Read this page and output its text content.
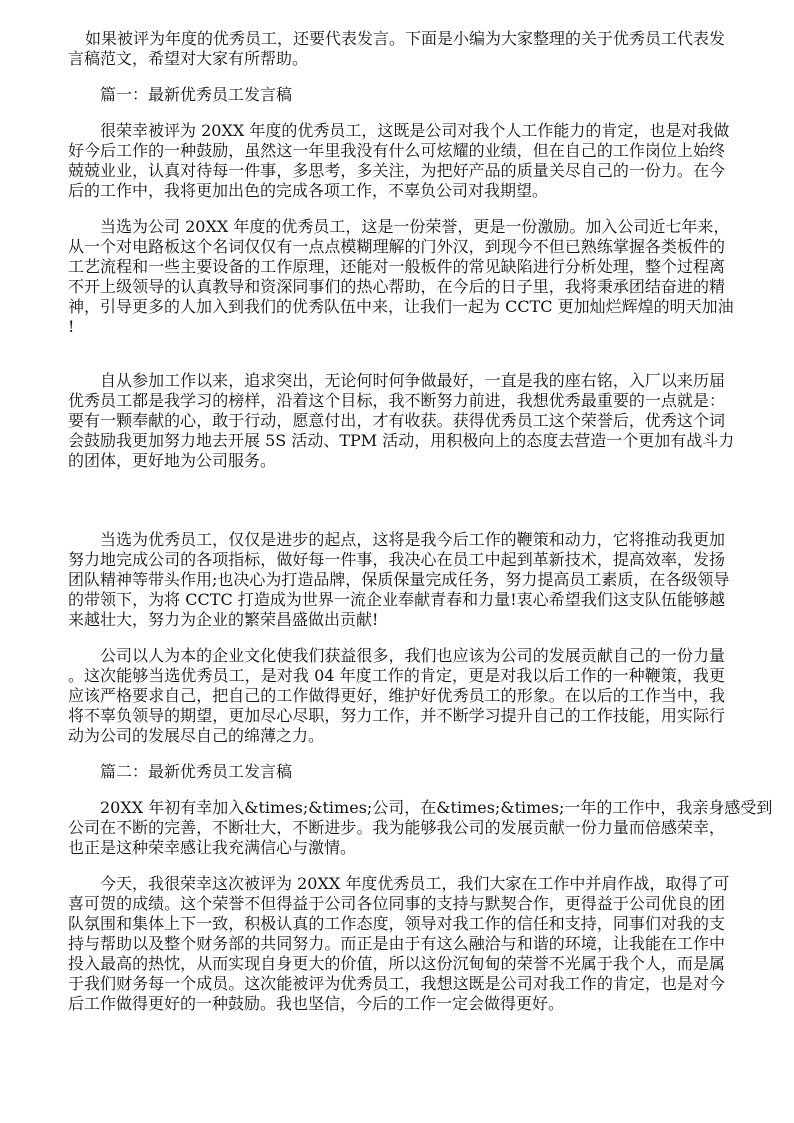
如果被评为年度的优秀员工，还要代表发言。下面是小编为大家整理的关于优秀员工代表发
言稿范文，希望对大家有所帮助。
篇一：最新优秀员工发言稿
很荣幸被评为 20XX 年度的优秀员工，这既是公司对我个人工作能力的肯定，也是对我做
好今后工作的一种鼓励，虽然这一年里我没有什么可炫耀的业绩，但在自己的工作岗位上始终
兢兢业业，认真对待每一件事，多思考，多关注，为把好产品的质量关尽自己的一份力。在今
后的工作中，我将更加出色的完成各项工作，不辜负公司对我期望。
当选为公司 20XX 年度的优秀员工，这是一份荣誉，更是一份激励。加入公司近七年来，
从一个对电路板这个名词仅仅有一点点模糊理解的门外汉，到现今不但已熟练掌握各类板件的
工艺流程和一些主要设备的工作原理，还能对一般板件的常见缺陷进行分析处理，整个过程离
不开上级领导的认真教导和资深同事们的热心帮助，在今后的日子里，我将秉承团结奋进的精
神，引导更多的人加入到我们的优秀队伍中来，让我们一起为 CCTC 更加灿烂辉煌的明天加油
!
自从参加工作以来，追求突出，无论何时何争做最好，一直是我的座右铭，入厂以来历届
优秀员工都是我学习的榜样，沿着这个目标，我不断努力前进，我想优秀最重要的一点就是：
要有一颗奉献的心，敢于行动，愿意付出，才有收获。获得优秀员工这个荣誉后，优秀这个词
会鼓励我更加努力地去开展 5S 活动、TPM 活动，用积极向上的态度去营造一个更加有战斗力
的团体，更好地为公司服务。
当选为优秀员工，仅仅是进步的起点，这将是我今后工作的鞭策和动力，它将推动我更加
努力地完成公司的各项指标，做好每一件事，我决心在员工中起到革新技术，提高效率，发扬
团队精神等带头作用;也决心为打造品牌，保质保量完成任务，努力提高员工素质，在各级领导
的带领下，为将 CCTC 打造成为世界一流企业奉献青春和力量!衷心希望我们这支队伍能够越
来越壮大，努力为企业的繁荣昌盛做出贡献!
公司以人为本的企业文化使我们获益很多，我们也应该为公司的发展贡献自己的一份力量
。这次能够当选优秀员工，是对我 04 年度工作的肯定，更是对我以后工作的一种鞭策，我更
应该严格要求自己，把自己的工作做得更好，维护好优秀员工的形象。在以后的工作当中，我
将不辜负领导的期望，更加尽心尽职，努力工作，并不断学习提升自己的工作技能，用实际行
动为公司的发展尽自己的绵薄之力。
篇二：最新优秀员工发言稿
20XX 年初有幸加入&times;&times;公司，在&times;&times;一年的工作中，我亲身感受到
公司在不断的完善，不断壮大，不断进步。我为能够我公司的发展贡献一份力量而倍感荣幸，
也正是这种荣幸感让我充满信心与激情。
今天，我很荣幸这次被评为 20XX 年度优秀员工，我们大家在工作中并肩作战，取得了可
喜可贺的成绩。这个荣誉不但得益于公司各位同事的支持与默契合作，更得益于公司优良的团
队氛围和集体上下一致，积极认真的工作态度，领导对我工作的信任和支持，同事们对我的支
持与帮助以及整个财务部的共同努力。而正是由于有这么融洽与和谐的环境，让我能在工作中
投入最高的热忱，从而实现自身更大的价值，所以这份沉甸甸的荣誉不光属于我个人，而是属
于我们财务每一个成员。这次能被评为优秀员工，我想这既是公司对我工作的肯定，也是对今
后工作做得更好的一种鼓励。我也坚信，今后的工作一定会做得更好。
